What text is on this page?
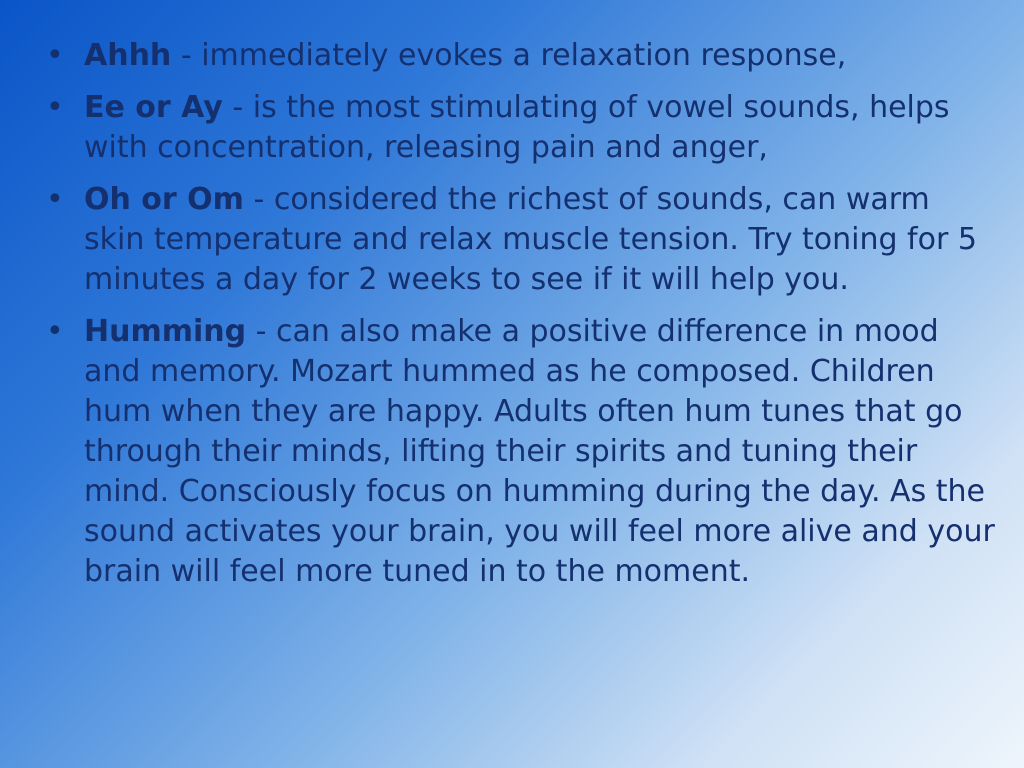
• Ahhh - immediately evokes a relaxation response,
• Ee or Ay - is the most stimulating of vowel sounds, helps with concentration, releasing pain and anger,
• Oh or Om - considered the richest of sounds, can warm skin temperature and relax muscle tension. Try toning for 5 minutes a day for 2 weeks to see if it will help you.
• Humming - can also make a positive difference in mood and memory. Mozart hummed as he composed. Children hum when they are happy. Adults often hum tunes that go through their minds, lifting their spirits and tuning their mind. Consciously focus on humming during the day. As the sound activates your brain, you will feel more alive and your brain will feel more tuned in to the moment.
